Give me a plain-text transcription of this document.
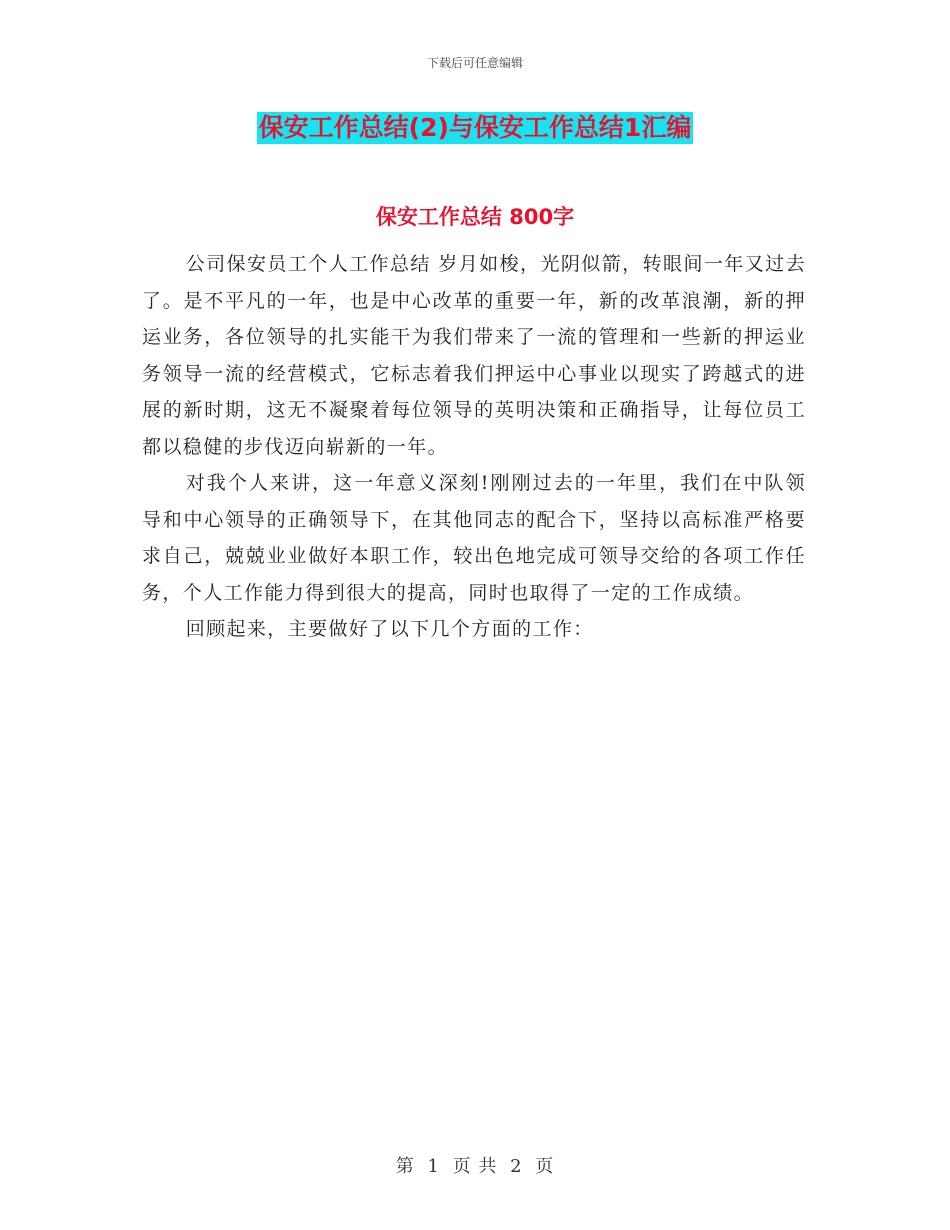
下载后可任意编辑
保安工作总结(2)与保安工作总结1汇编
保安工作总结 800字

公司保安员工个人工作总结 岁月如梭，光阴似箭，转眼间一年又过去了。是不平凡的一年，也是中心改革的重要一年，新的改革浪潮，新的押运业务，各位领导的扎实能干为我们带来了一流的管理和一些新的押运业务领导一流的经营模式，它标志着我们押运中心事业以现实了跨越式的进展的新时期，这无不凝聚着每位领导的英明决策和正确指导，让每位员工都以稳健的步伐迈向崭新的一年。

对我个人来讲，这一年意义深刻!刚刚过去的一年里，我们在中队领导和中心领导的正确领导下，在其他同志的配合下，坚持以高标准严格要求自己，兢兢业业做好本职工作，较出色地完成可领导交给的各项工作任务，个人工作能力得到很大的提高，同时也取得了一定的工作成绩。

回顾起来，主要做好了以下几个方面的工作：

第 1 页 共 2 页
